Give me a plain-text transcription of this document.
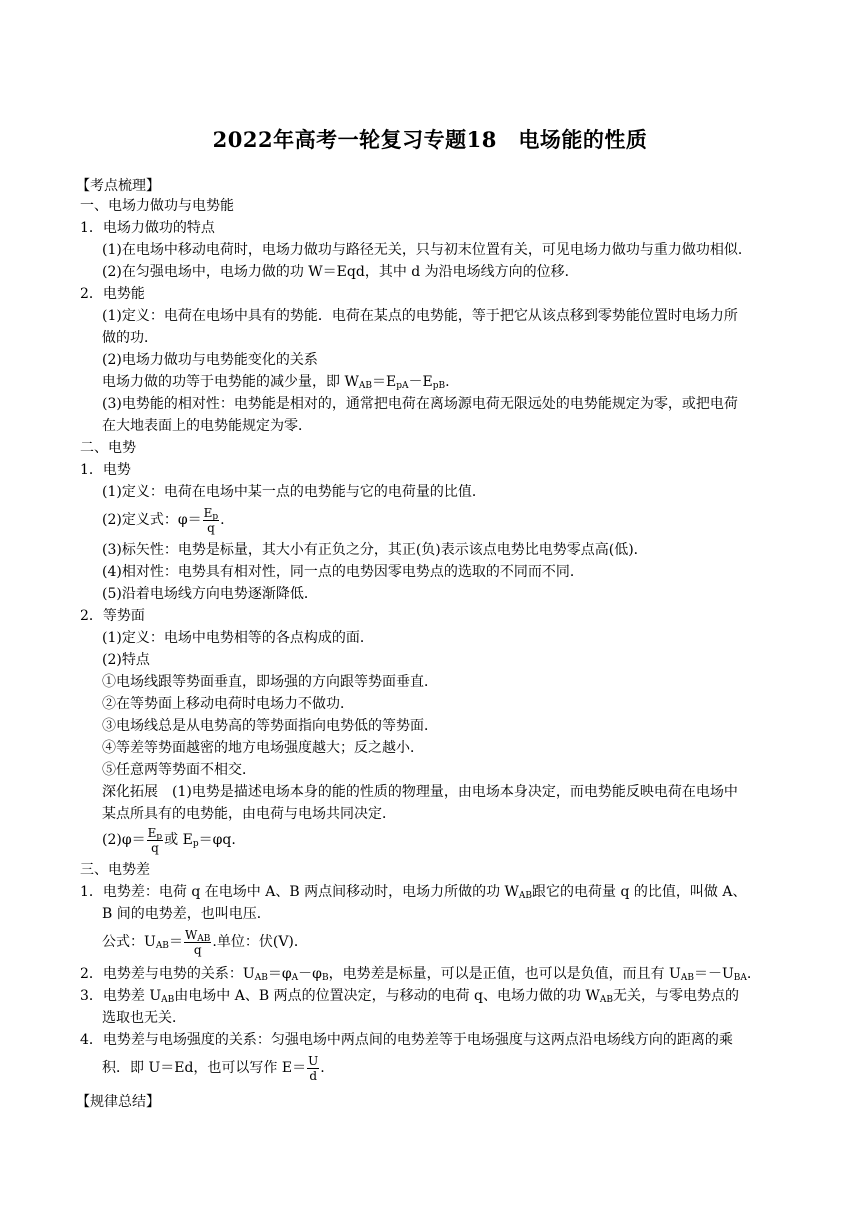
2022年高考一轮复习专题18　电场能的性质
【考点梳理】
一、电场力做功与电势能
1．电场力做功的特点
(1)在电场中移动电荷时，电场力做功与路径无关，只与初末位置有关，可见电场力做功与重力做功相似．
(2)在匀强电场中，电场力做的功 W＝Eqd，其中 d 为沿电场线方向的位移．
2．电势能
(1)定义：电荷在电场中具有的势能．电荷在某点的电势能，等于把它从该点移到零势能位置时电场力所
做的功．
(2)电场力做功与电势能变化的关系
电场力做的功等于电势能的减少量，即 $W_{AB}=E_{pA}-E_{pB}$.
(3)电势能的相对性：电势能是相对的，通常把电荷在离场源电荷无限远处的电势能规定为零，或把电荷
在大地表面上的电势能规定为零．
二、电势
1．电势
(1)定义：电荷在电场中某一点的电势能与它的电荷量的比值．
(2)定义式：$\varphi= \frac{E_p}{q}$ .
(3)标矢性：电势是标量，其大小有正负之分，其正(负)表示该点电势比电势零点高(低)．
(4)相对性：电势具有相对性，同一点的电势因零电势点的选取的不同而不同．
(5)沿着电场线方向电势逐渐降低．
2．等势面
(1)定义：电场中电势相等的各点构成的面．
(2)特点
①电场线跟等势面垂直，即场强的方向跟等势面垂直．
②在等势面上移动电荷时电场力不做功．
③电场线总是从电势高的等势面指向电势低的等势面．
④等差等势面越密的地方电场强度越大；反之越小．
⑤任意两等势面不相交．
深化拓展　(1)电势是描述电场本身的能的性质的物理量，由电场本身决定，而电势能反映电荷在电场中
某点所具有的电势能，由电荷与电场共同决定．
$(2)\varphi= \frac{E_p}{q}$ 或 $E_p=\varphi q$.
三、电势差
1．电势差：电荷 q 在电场中 A、B 两点间移动时，电场力所做的功 $W_{AB}$跟它的电荷量 q 的比值，叫做 A、
B 间的电势差，也叫电压．
公式：$U_{AB}= \frac{W_{AB}}{q}$ .单位：伏(V)．
2．电势差与电势的关系：$U_{AB}=\varphi_A-\varphi_B$，电势差是标量，可以是正值，也可以是负值，而且有 $U_{AB}=-U_{BA}$.
3．电势差 $U_{AB}$由电场中 A、B 两点的位置决定，与移动的电荷 q、电场力做的功 $W_{AB}$无关，与零电势点的
选取也无关．
4．电势差与电场强度的关系：匀强电场中两点间的电势差等于电场强度与这两点沿电场线方向的距离的乘
积．即 U＝Ed，也可以写作 $E= \frac{U}{d}$ .
【规律总结】
